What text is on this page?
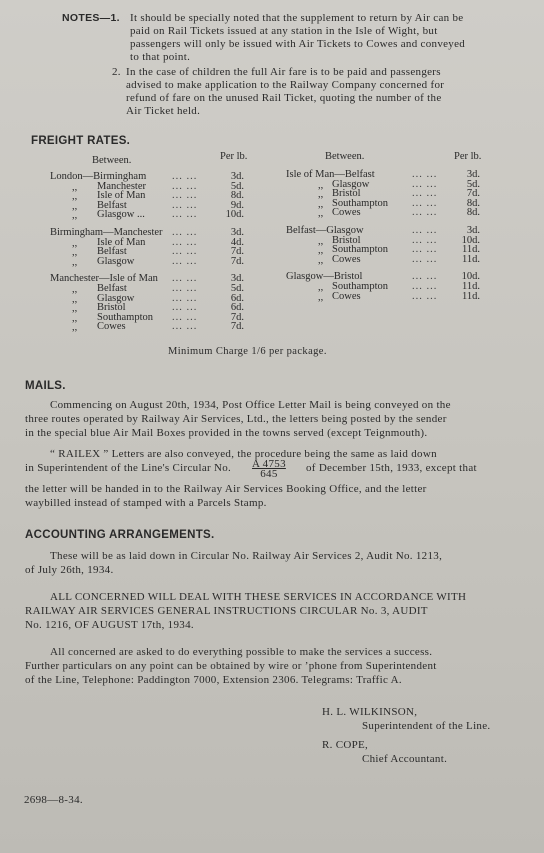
NOTES—1. It should be specially noted that the supplement to return by Air can be
paid on Rail Tickets issued at any station in the Isle of Wight, but
passengers will only be issued with Air Tickets to Cowes and conveyed
to that point.
2. In the case of children the full Air fare is to be paid and passengers
advised to make application to the Railway Company concerned for
refund of fare on the unused Rail Ticket, quoting the number of the
Air Ticket held.
FREIGHT RATES.
Between.	Per lb.	Between.	Per lb.
London—Birmingham ... ...	3d.
,, Manchester ... ...	5d.
,, Isle of Man	... ...	8d.
,, Belfast	... ...	9d.
,, Glasgow ...	... ...	10d.
Birmingham—Manchester ... ...	3d.
,, Isle of Man	... ...	4d.
,, Belfast	... ...	7d.
,, Glasgow	... ...	7d.
Manchester—Isle of Man ... ...	3d.
,, Belfast	... ...	5d.
,, Glasgow	... ...	6d.
,, Bristol	... ...	6d.
,, Southampton ... ...	7d.
,, Cowes	... ...	7d.
Isle of Man—Belfast	... ...	3d.
,, Glasgow	... ...	5d.
,, Bristol	... ...	7d.
,, Southampton ... ...	8d.
,, Cowes	... ...	8d.
Belfast—Glasgow	... ...	3d.
,, Bristol	... ...	10d.
,, Southampton ... ...	11d.
,, Cowes	... ...	11d.
Glasgow—Bristol	... ...	10d.
,, Southampton ... ...	11d.
,, Cowes	... ...	11d.
Minimum Charge 1/6 per package.
MAILS.
Commencing on August 20th, 1934, Post Office Letter Mail is being conveyed on the
three routes operated by Railway Air Services, Ltd., the letters being posted by the sender
in the special blue Air Mail Boxes provided in the towns served (except Teignmouth).
“ RAILEX ” Letters are also conveyed, the procedure being the same as laid down
in Superintendent of the Line's Circular No. $\frac{A 4753}{645}$ of December 15th, 1933, except that
the letter will be handed in to the Railway Air Services Booking Office, and the letter
waybilled instead of stamped with a Parcels Stamp.
ACCOUNTING ARRANGEMENTS.
These will be as laid down in Circular No. Railway Air Services 2, Audit No. 1213,
of July 26th, 1934.
ALL CONCERNED WILL DEAL WITH THESE SERVICES IN ACCORDANCE WITH
RAILWAY AIR SERVICES GENERAL INSTRUCTIONS CIRCULAR No. 3, AUDIT
No. 1216, OF AUGUST 17th, 1934.
All concerned are asked to do everything possible to make the services a success.
Further particulars on any point can be obtained by wire or ’phone from Superintendent
of the Line, Telephone: Paddington 7000, Extension 2306. Telegrams: Traffic A.
H. L. WILKINSON,
Superintendent of the Line.
R. COPE,
Chief Accountant.
2698—8-34.
